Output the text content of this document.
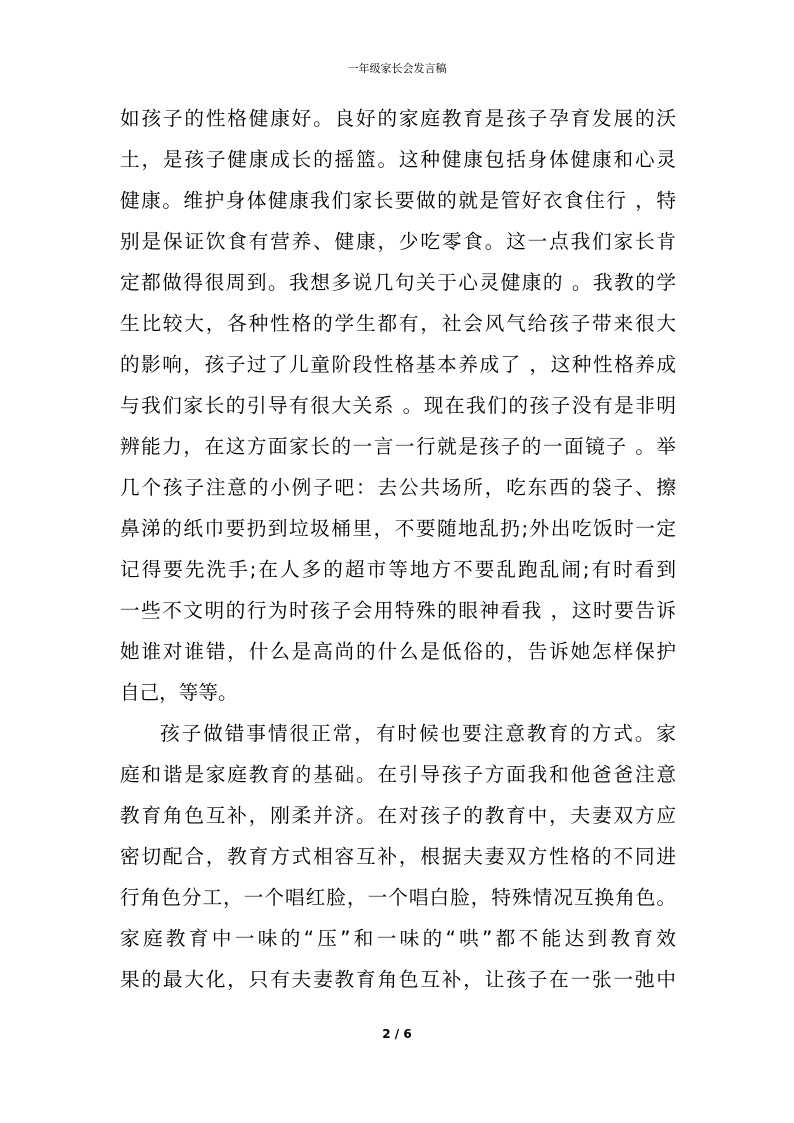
一年级家长会发言稿
如孩子的性格健康好。良好的家庭教育是孩子孕育发展的沃
土，是孩子健康成长的摇篮。这种健康包括身体健康和心灵
健康。维护身体健康我们家长要做的就是管好衣食住行 ，特
别是保证饮食有营养、健康，少吃零食。这一点我们家长肯
定都做得很周到。我想多说几句关于心灵健康的 。我教的学
生比较大，各种性格的学生都有，社会风气给孩子带来很大
的影响，孩子过了儿童阶段性格基本养成了 ，这种性格养成
与我们家长的引导有很大关系 。现在我们的孩子没有是非明
辨能力，在这方面家长的一言一行就是孩子的一面镜子 。举
几个孩子注意的小例子吧：去公共场所，吃东西的袋子、擦
鼻涕的纸巾要扔到垃圾桶里，不要随地乱扔;外出吃饭时一定
记得要先洗手;在人多的超市等地方不要乱跑乱闹;有时看到
一些不文明的行为时孩子会用特殊的眼神看我 ，这时要告诉
她谁对谁错，什么是高尚的什么是低俗的，告诉她怎样保护
自己，等等。
孩子做错事情很正常，有时候也要注意教育的方式。家
庭和谐是家庭教育的基础。在引导孩子方面我和他爸爸注意
教育角色互补，刚柔并济。在对孩子的教育中，夫妻双方应
密切配合，教育方式相容互补，根据夫妻双方性格的不同进
行角色分工，一个唱红脸，一个唱白脸，特殊情况互换角色。
家庭教育中一味的“压”和一味的“哄”都不能达到教育效
果的最大化，只有夫妻教育角色互补，让孩子在一张一弛中
2 / 6
